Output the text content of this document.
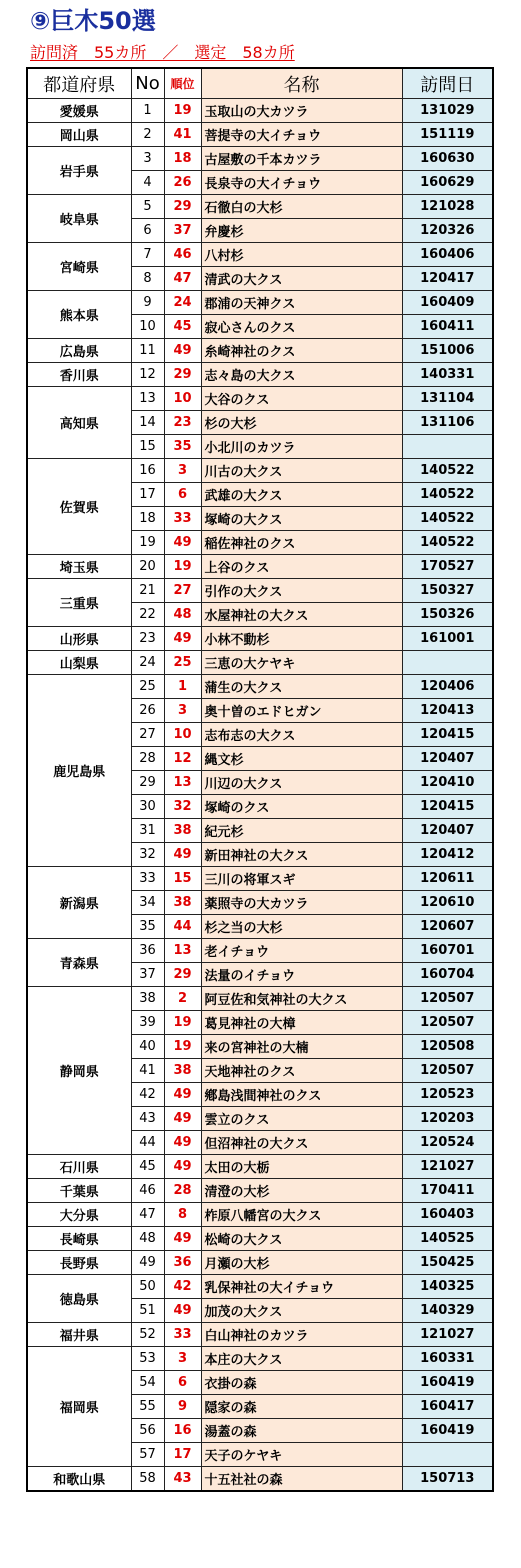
⑨巨木50選
訪問済　55カ所　／　選定　58カ所
都道府県	No	順位	名称	訪問日
愛媛県	1	19	玉取山の大カツラ	131029
岡山県	2	41	菩提寺の大イチョウ	151119
岩手県	3	18	古屋敷の千本カツラ	160630
	4	26	長泉寺の大イチョウ	160629
岐阜県	5	29	石徹白の大杉	121028
	6	37	弁慶杉	120326
宮崎県	7	46	八村杉	160406
	8	47	清武の大クス	120417
熊本県	9	24	郡浦の天神クス	160409
	10	45	寂心さんのクス	160411
広島県	11	49	糸崎神社のクス	151006
香川県	12	29	志々島の大クス	140331
高知県	13	10	大谷のクス	131104
	14	23	杉の大杉	131106
	15	35	小北川のカツラ	
佐賀県	16	3	川古の大クス	140522
	17	6	武雄の大クス	140522
	18	33	塚崎の大クス	140522
	19	49	稲佐神社のクス	140522
埼玉県	20	19	上谷のクス	170527
三重県	21	27	引作の大クス	150327
	22	48	水屋神社の大クス	150326
山形県	23	49	小林不動杉	161001
山梨県	24	25	三恵の大ケヤキ	
鹿児島県	25	1	蒲生の大クス	120406
	26	3	奥十曽のエドヒガン	120413
	27	10	志布志の大クス	120415
	28	12	縄文杉	120407
	29	13	川辺の大クス	120410
	30	32	塚崎のクス	120415
	31	38	紀元杉	120407
	32	49	新田神社の大クス	120412
新潟県	33	15	三川の将軍スギ	120611
	34	38	薬照寺の大カツラ	120610
	35	44	杉之当の大杉	120607
青森県	36	13	老イチョウ	160701
	37	29	法量のイチョウ	160704
静岡県	38	2	阿豆佐和気神社の大クス	120507
	39	19	葛見神社の大樟	120507
	40	19	来の宮神社の大楠	120508
	41	38	天地神社のクス	120507
	42	49	鄕島浅間神社のクス	120523
	43	49	雲立のクス	120203
	44	49	但沼神社の大クス	120524
石川県	45	49	太田の大栃	121027
千葉県	46	28	清澄の大杉	170411
大分県	47	8	柞原八幡宮の大クス	160403
長崎県	48	49	松崎の大クス	140525
長野県	49	36	月瀬の大杉	150425
徳島県	50	42	乳保神社の大イチョウ	140325
	51	49	加茂の大クス	140329
福井県	52	33	白山神社のカツラ	121027
福岡県	53	3	本庄の大クス	160331
	54	6	衣掛の森	160419
	55	9	隠家の森	160417
	56	16	湯蓋の森	160419
	57	17	天子のケヤキ	
和歌山県	58	43	十五社社の森	150713
